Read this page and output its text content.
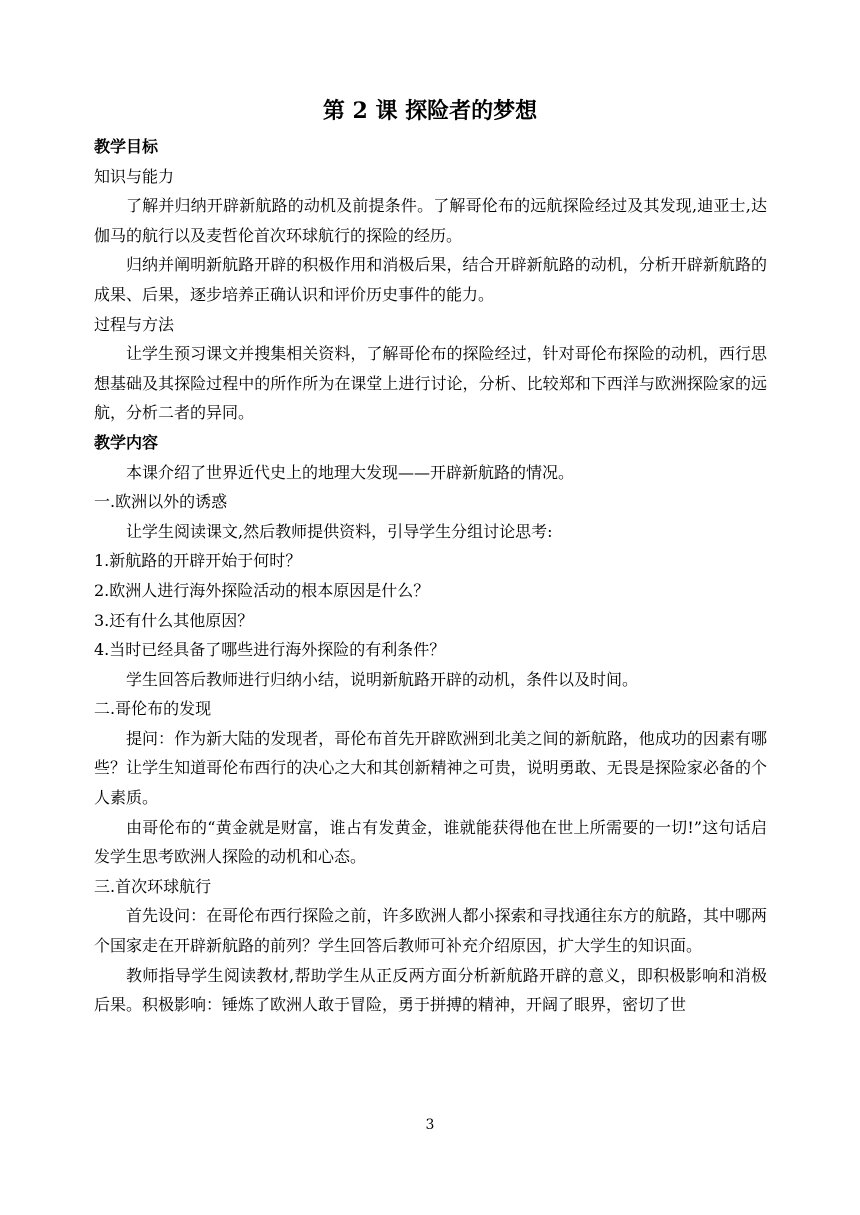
第 2 课 探险者的梦想

教学目标

知识与能力

了解并归纳开辟新航路的动机及前提条件。了解哥伦布的远航探险经过及其发现,迪亚士,达伽马的航行以及麦哲伦首次环球航行的探险的经历。

归纳并阐明新航路开辟的积极作用和消极后果，结合开辟新航路的动机，分析开辟新航路的成果、后果，逐步培养正确认识和评价历史事件的能力。

过程与方法

让学生预习课文并搜集相关资料，了解哥伦布的探险经过，针对哥伦布探险的动机，西行思想基础及其探险过程中的所作所为在课堂上进行讨论，分析、比较郑和下西洋与欧洲探险家的远航，分析二者的异同。

教学内容

本课介绍了世界近代史上的地理大发现——开辟新航路的情况。

一.欧洲以外的诱惑

让学生阅读课文,然后教师提供资料，引导学生分组讨论思考:

1.新航路的开辟开始于何时？

2.欧洲人进行海外探险活动的根本原因是什么？

3.还有什么其他原因？

4.当时已经具备了哪些进行海外探险的有利条件？

学生回答后教师进行归纳小结，说明新航路开辟的动机，条件以及时间。

二.哥伦布的发现

提问：作为新大陆的发现者，哥伦布首先开辟欧洲到北美之间的新航路，他成功的因素有哪些？让学生知道哥伦布西行的决心之大和其创新精神之可贵，说明勇敢、无畏是探险家必备的个人素质。

由哥伦布的“黄金就是财富，谁占有发黄金，谁就能获得他在世上所需要的一切!”这句话启发学生思考欧洲人探险的动机和心态。

三.首次环球航行

首先设问：在哥伦布西行探险之前，许多欧洲人都小探索和寻找通往东方的航路，其中哪两个国家走在开辟新航路的前列？学生回答后教师可补充介绍原因，扩大学生的知识面。

教师指导学生阅读教材,帮助学生从正反两方面分析新航路开辟的意义，即积极影响和消极后果。积极影响：锤炼了欧洲人敢于冒险，勇于拼搏的精神，开阔了眼界，密切了世

3
